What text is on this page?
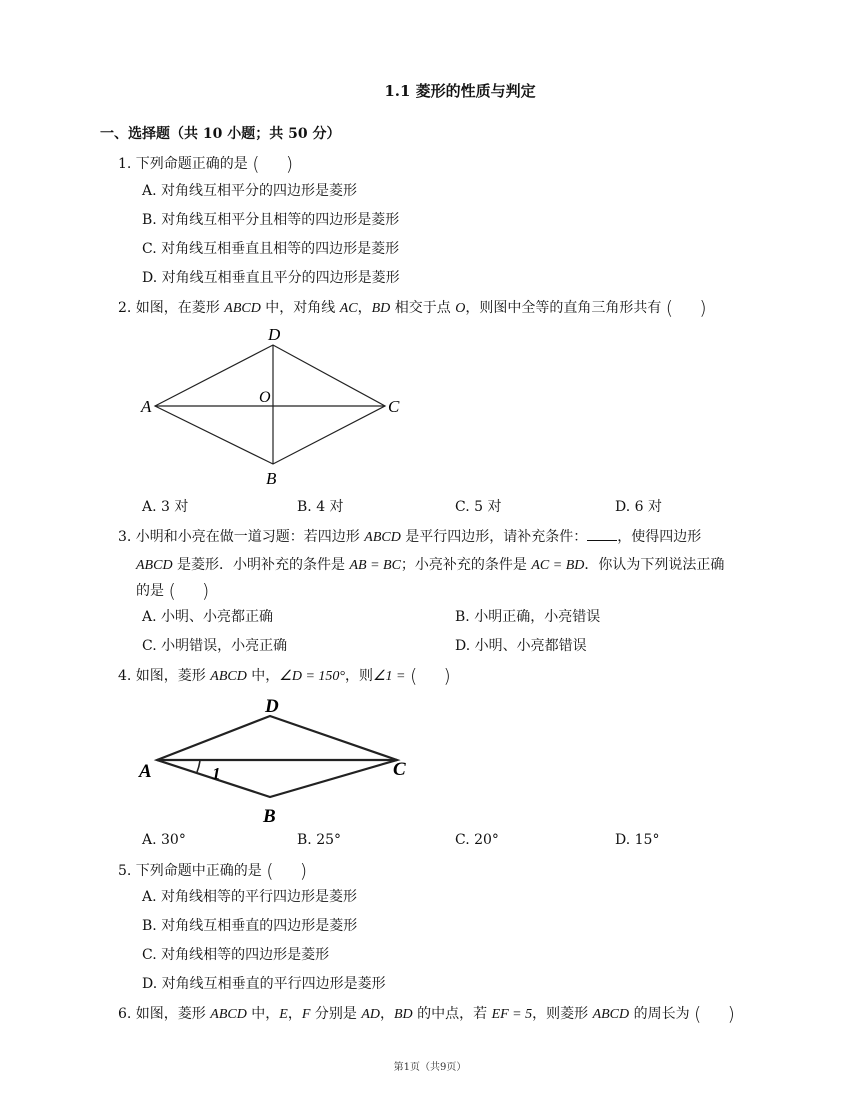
1.1 菱形的性质与判定
一、选择题（共 10 小题；共 50 分）
1. 下列命题正确的是 ( )
A. 对角线互相平分的四边形是菱形
B. 对角线互相平分且相等的四边形是菱形
C. 对角线互相垂直且相等的四边形是菱形
D. 对角线互相垂直且平分的四边形是菱形
2. 如图，在菱形 ABCD 中，对角线 AC，BD 相交于点 O，则图中全等的直角三角形共有 ( )
D
A	C
O
B
A. 3 对	B. 4 对	C. 5 对	D. 6 对
3. 小明和小亮在做一道习题：若四边形 ABCD 是平行四边形，请补充条件： ，使得四边形
ABCD 是菱形．小明补充的条件是 AB = BC；小亮补充的条件是 AC = BD．你认为下列说法正确
的是 ( )
A. 小明、小亮都正确	B. 小明正确，小亮错误
C. 小明错误，小亮正确	D. 小明、小亮都错误
4. 如图，菱形 ABCD 中，∠D = 150°，则∠1 = ( )
D
A	C
1
B
A. 30°	B. 25°	C. 20°	D. 15°
5. 下列命题中正确的是 ( )
A. 对角线相等的平行四边形是菱形
B. 对角线互相垂直的四边形是菱形
C. 对角线相等的四边形是菱形
D. 对角线互相垂直的平行四边形是菱形
6. 如图，菱形 ABCD 中，E，F 分别是 AD，BD 的中点，若 EF = 5，则菱形 ABCD 的周长为 ( )
第1页（共9页）
